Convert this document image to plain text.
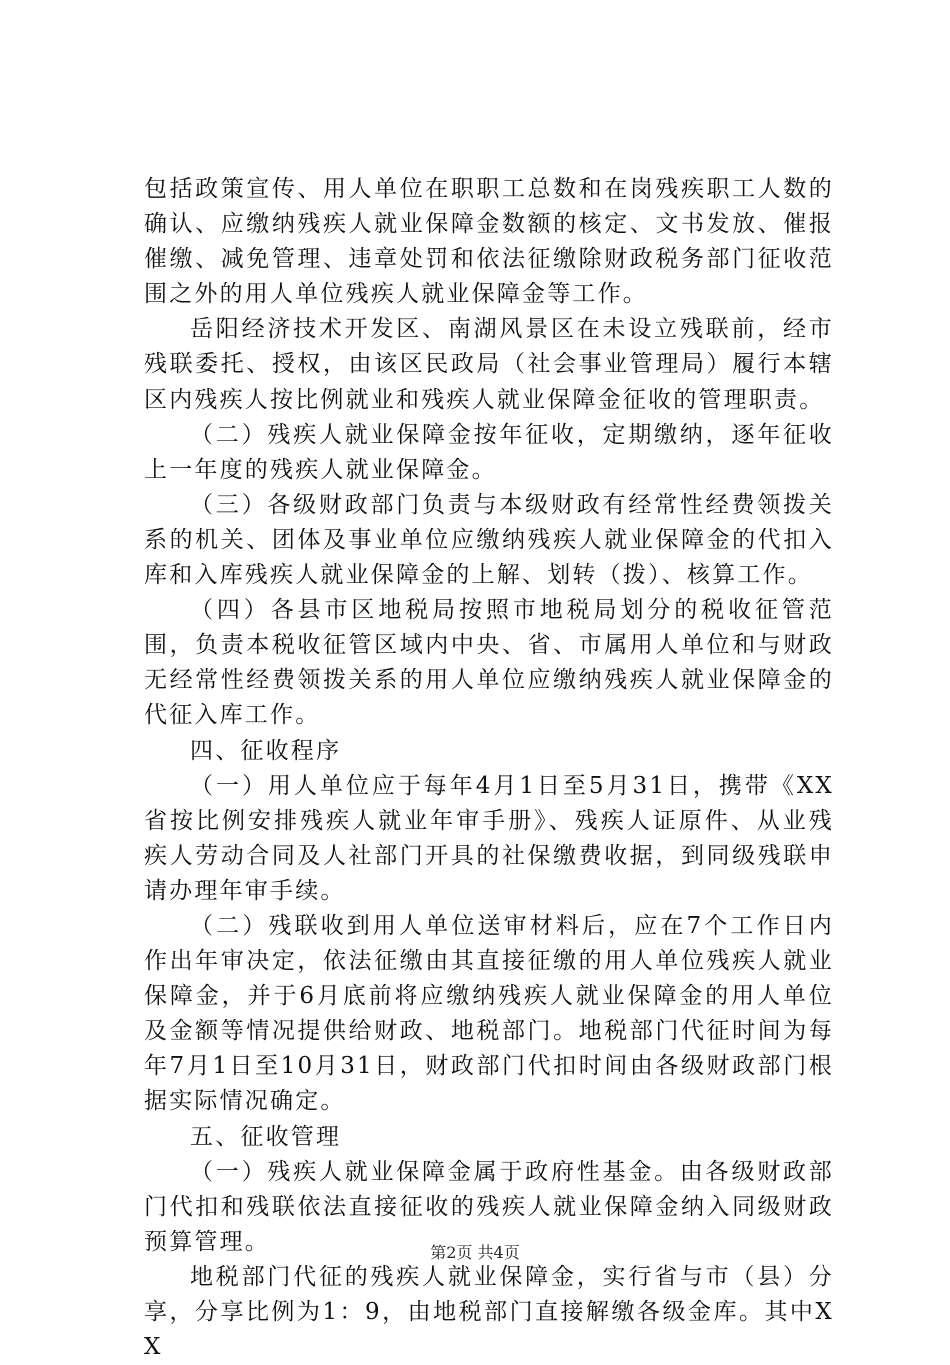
包括政策宣传、用人单位在职职工总数和在岗残疾职工人数的确认、应缴纳残疾人就业保障金数额的核定、文书发放、催报催缴、减免管理、违章处罚和依法征缴除财政税务部门征收范围之外的用人单位残疾人就业保障金等工作。

岳阳经济技术开发区、南湖风景区在未设立残联前，经市残联委托、授权，由该区民政局（社会事业管理局）履行本辖区内残疾人按比例就业和残疾人就业保障金征收的管理职责。

（二）残疾人就业保障金按年征收，定期缴纳，逐年征收上一年度的残疾人就业保障金。

（三）各级财政部门负责与本级财政有经常性经费领拨关系的机关、团体及事业单位应缴纳残疾人就业保障金的代扣入库和入库残疾人就业保障金的上解、划转（拨）、核算工作。

（四）各县市区地税局按照市地税局划分的税收征管范围，负责本税收征管区域内中央、省、市属用人单位和与财政无经常性经费领拨关系的用人单位应缴纳残疾人就业保障金的代征入库工作。

四、征收程序

（一）用人单位应于每年4月1日至5月31日，携带《XX省按比例安排残疾人就业年审手册》、残疾人证原件、从业残疾人劳动合同及人社部门开具的社保缴费收据，到同级残联申请办理年审手续。

（二）残联收到用人单位送审材料后，应在7个工作日内作出年审决定，依法征缴由其直接征缴的用人单位残疾人就业保障金，并于6月底前将应缴纳残疾人就业保障金的用人单位及金额等情况提供给财政、地税部门。地税部门代征时间为每年7月1日至10月31日，财政部门代扣时间由各级财政部门根据实际情况确定。

五、征收管理

（一）残疾人就业保障金属于政府性基金。由各级财政部门代扣和残联依法直接征收的残疾人就业保障金纳入同级财政预算管理。

地税部门代征的残疾人就业保障金，实行省与市（县）分享，分享比例为1：9，由地税部门直接解缴各级金库。其中XX

第2页 共4页
